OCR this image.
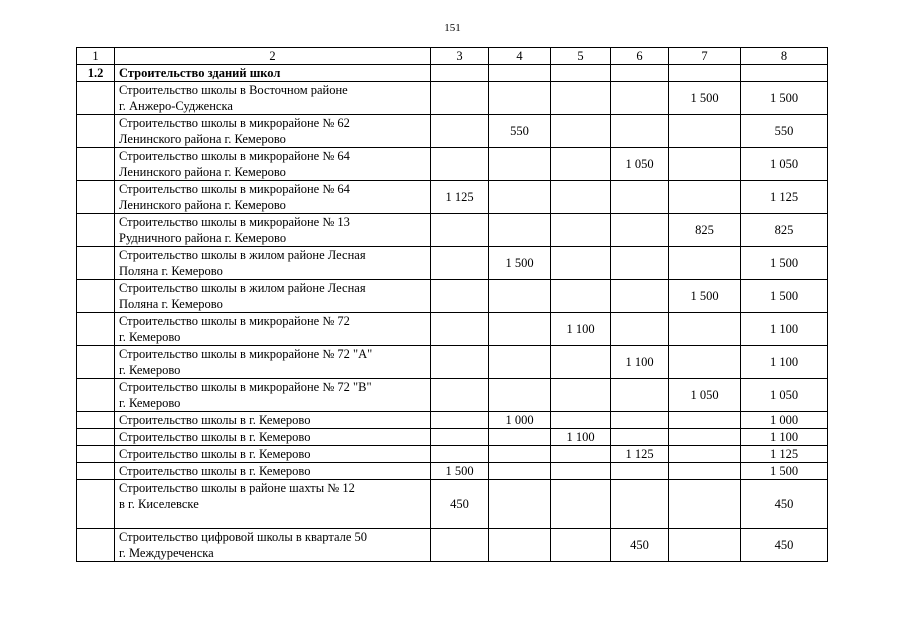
151
1	2	3	4	5	6	7	8
1.2	Строительство зданий школ						
	Строительство школы в Восточном районе
г. Анжеро-Судженска					1 500	1 500
	Строительство школы в микрорайоне № 62
Ленинского района г. Кемерово		550				550
	Строительство школы в микрорайоне № 64
Ленинского района г. Кемерово				1 050		1 050
	Строительство школы в микрорайоне № 64
Ленинского района г. Кемерово	1 125					1 125
	Строительство школы в микрорайоне № 13
Рудничного района г. Кемерово					825	825
	Строительство школы в жилом районе Лесная
Поляна г. Кемерово		1 500				1 500
	Строительство школы в жилом районе Лесная
Поляна г. Кемерово					1 500	1 500
	Строительство школы в микрорайоне № 72
г. Кемерово			1 100			1 100
	Строительство школы в микрорайоне № 72 "А"
г. Кемерово				1 100		1 100
	Строительство школы в микрорайоне № 72 "В"
г. Кемерово					1 050	1 050
	Строительство школы в г. Кемерово		1 000				1 000
	Строительство школы в г. Кемерово			1 100			1 100
	Строительство школы в г. Кемерово				1 125		1 125
	Строительство школы в г. Кемерово	1 500					1 500
	Строительство школы в районе шахты № 12
в г. Киселевске	450					450
	Строительство цифровой школы в квартале 50
г. Междуреченска				450		450
